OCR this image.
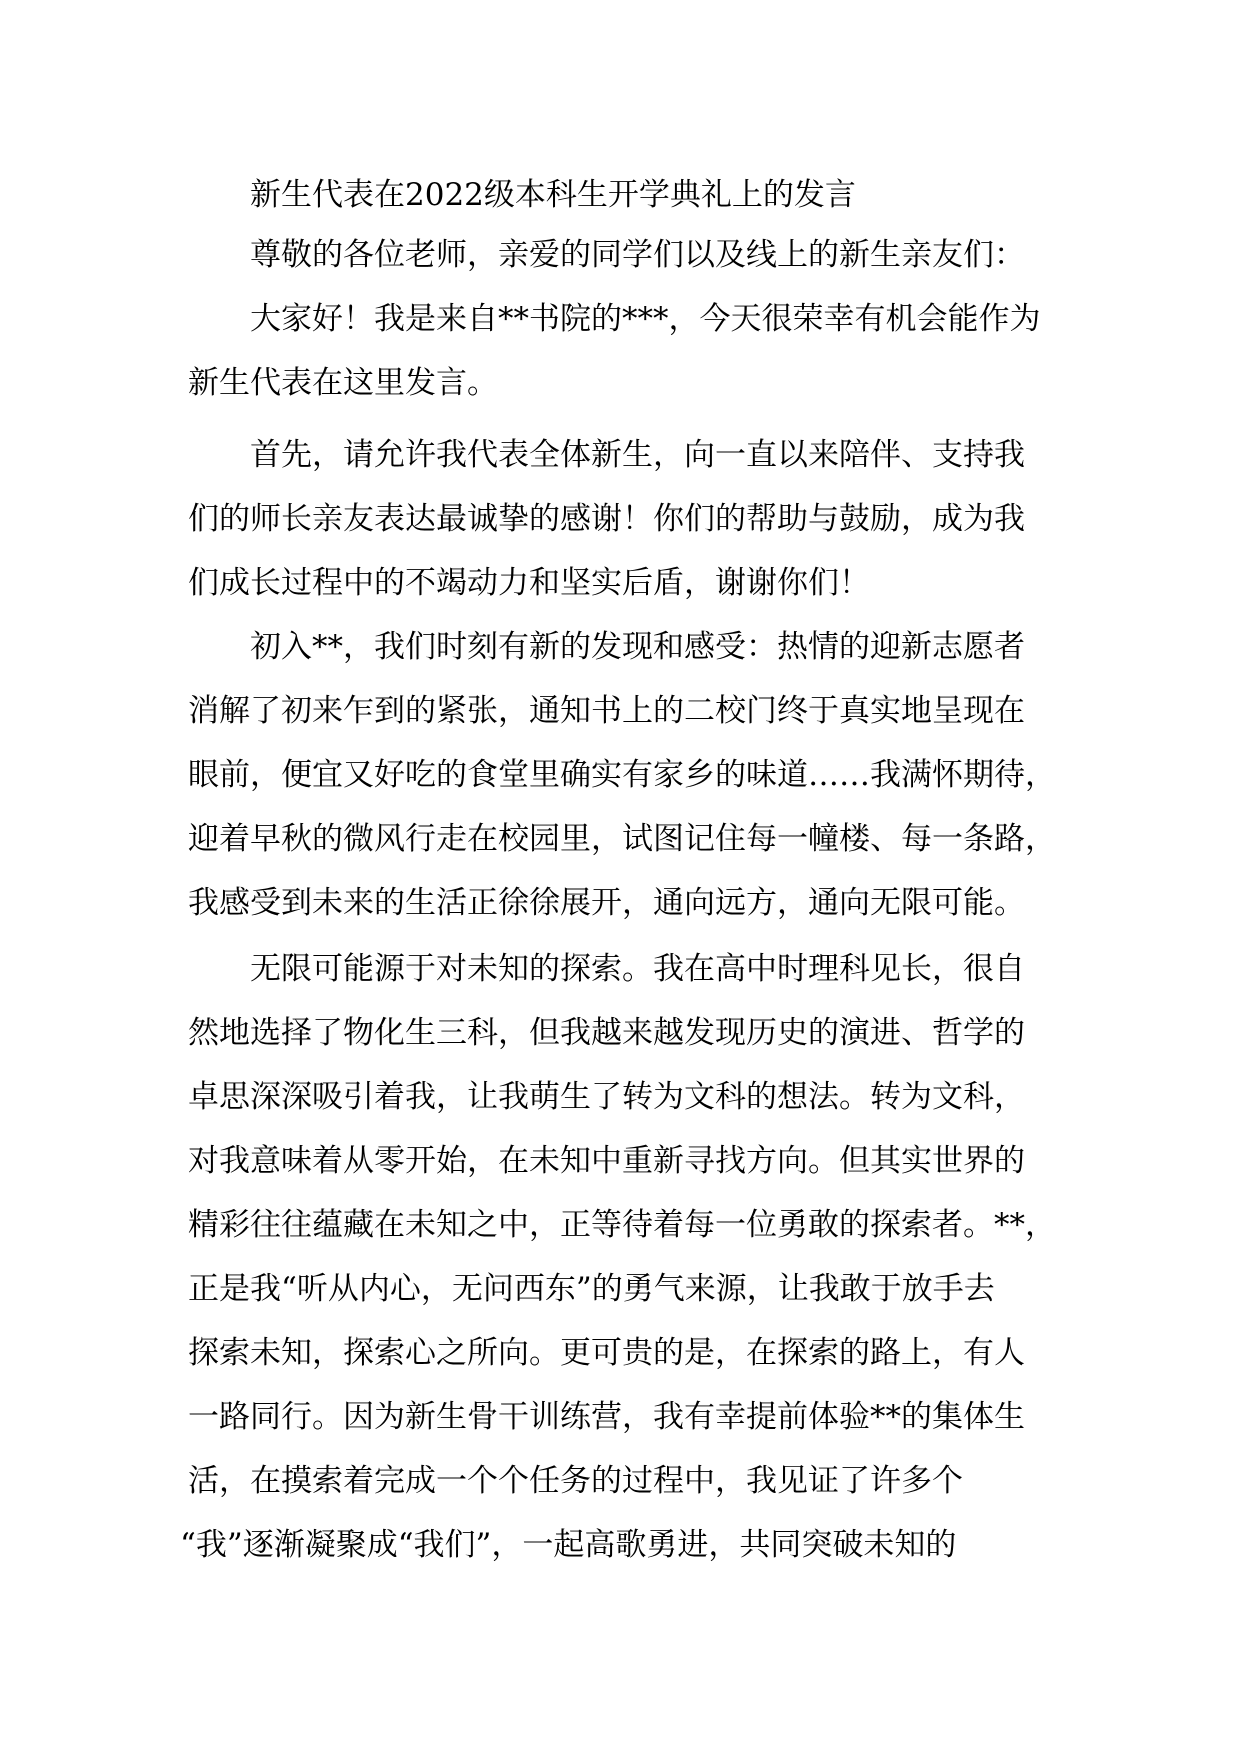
新生代表在2022级本科生开学典礼上的发言

尊敬的各位老师，亲爱的同学们以及线上的新生亲友们：

大家好！我是来自**书院的***，今天很荣幸有机会能作为

新生代表在这里发言。

首先，请允许我代表全体新生，向一直以来陪伴、支持我

们的师长亲友表达最诚挚的感谢！你们的帮助与鼓励，成为我

们成长过程中的不竭动力和坚实后盾，谢谢你们！

初入**，我们时刻有新的发现和感受：热情的迎新志愿者

消解了初来乍到的紧张，通知书上的二校门终于真实地呈现在

眼前，便宜又好吃的食堂里确实有家乡的味道……我满怀期待，

迎着早秋的微风行走在校园里，试图记住每一幢楼、每一条路，

我感受到未来的生活正徐徐展开，通向远方，通向无限可能。

无限可能源于对未知的探索。我在高中时理科见长，很自

然地选择了物化生三科，但我越来越发现历史的演进、哲学的

卓思深深吸引着我，让我萌生了转为文科的想法。转为文科，

对我意味着从零开始，在未知中重新寻找方向。但其实世界的

精彩往往蕴藏在未知之中，正等待着每一位勇敢的探索者。**，

正是我“听从内心，无问西东”的勇气来源，让我敢于放手去

探索未知，探索心之所向。更可贵的是，在探索的路上，有人

一路同行。因为新生骨干训练营，我有幸提前体验**的集体生

活，在摸索着完成一个个任务的过程中，我见证了许多个

“我”逐渐凝聚成“我们”，一起高歌勇进，共同突破未知的
